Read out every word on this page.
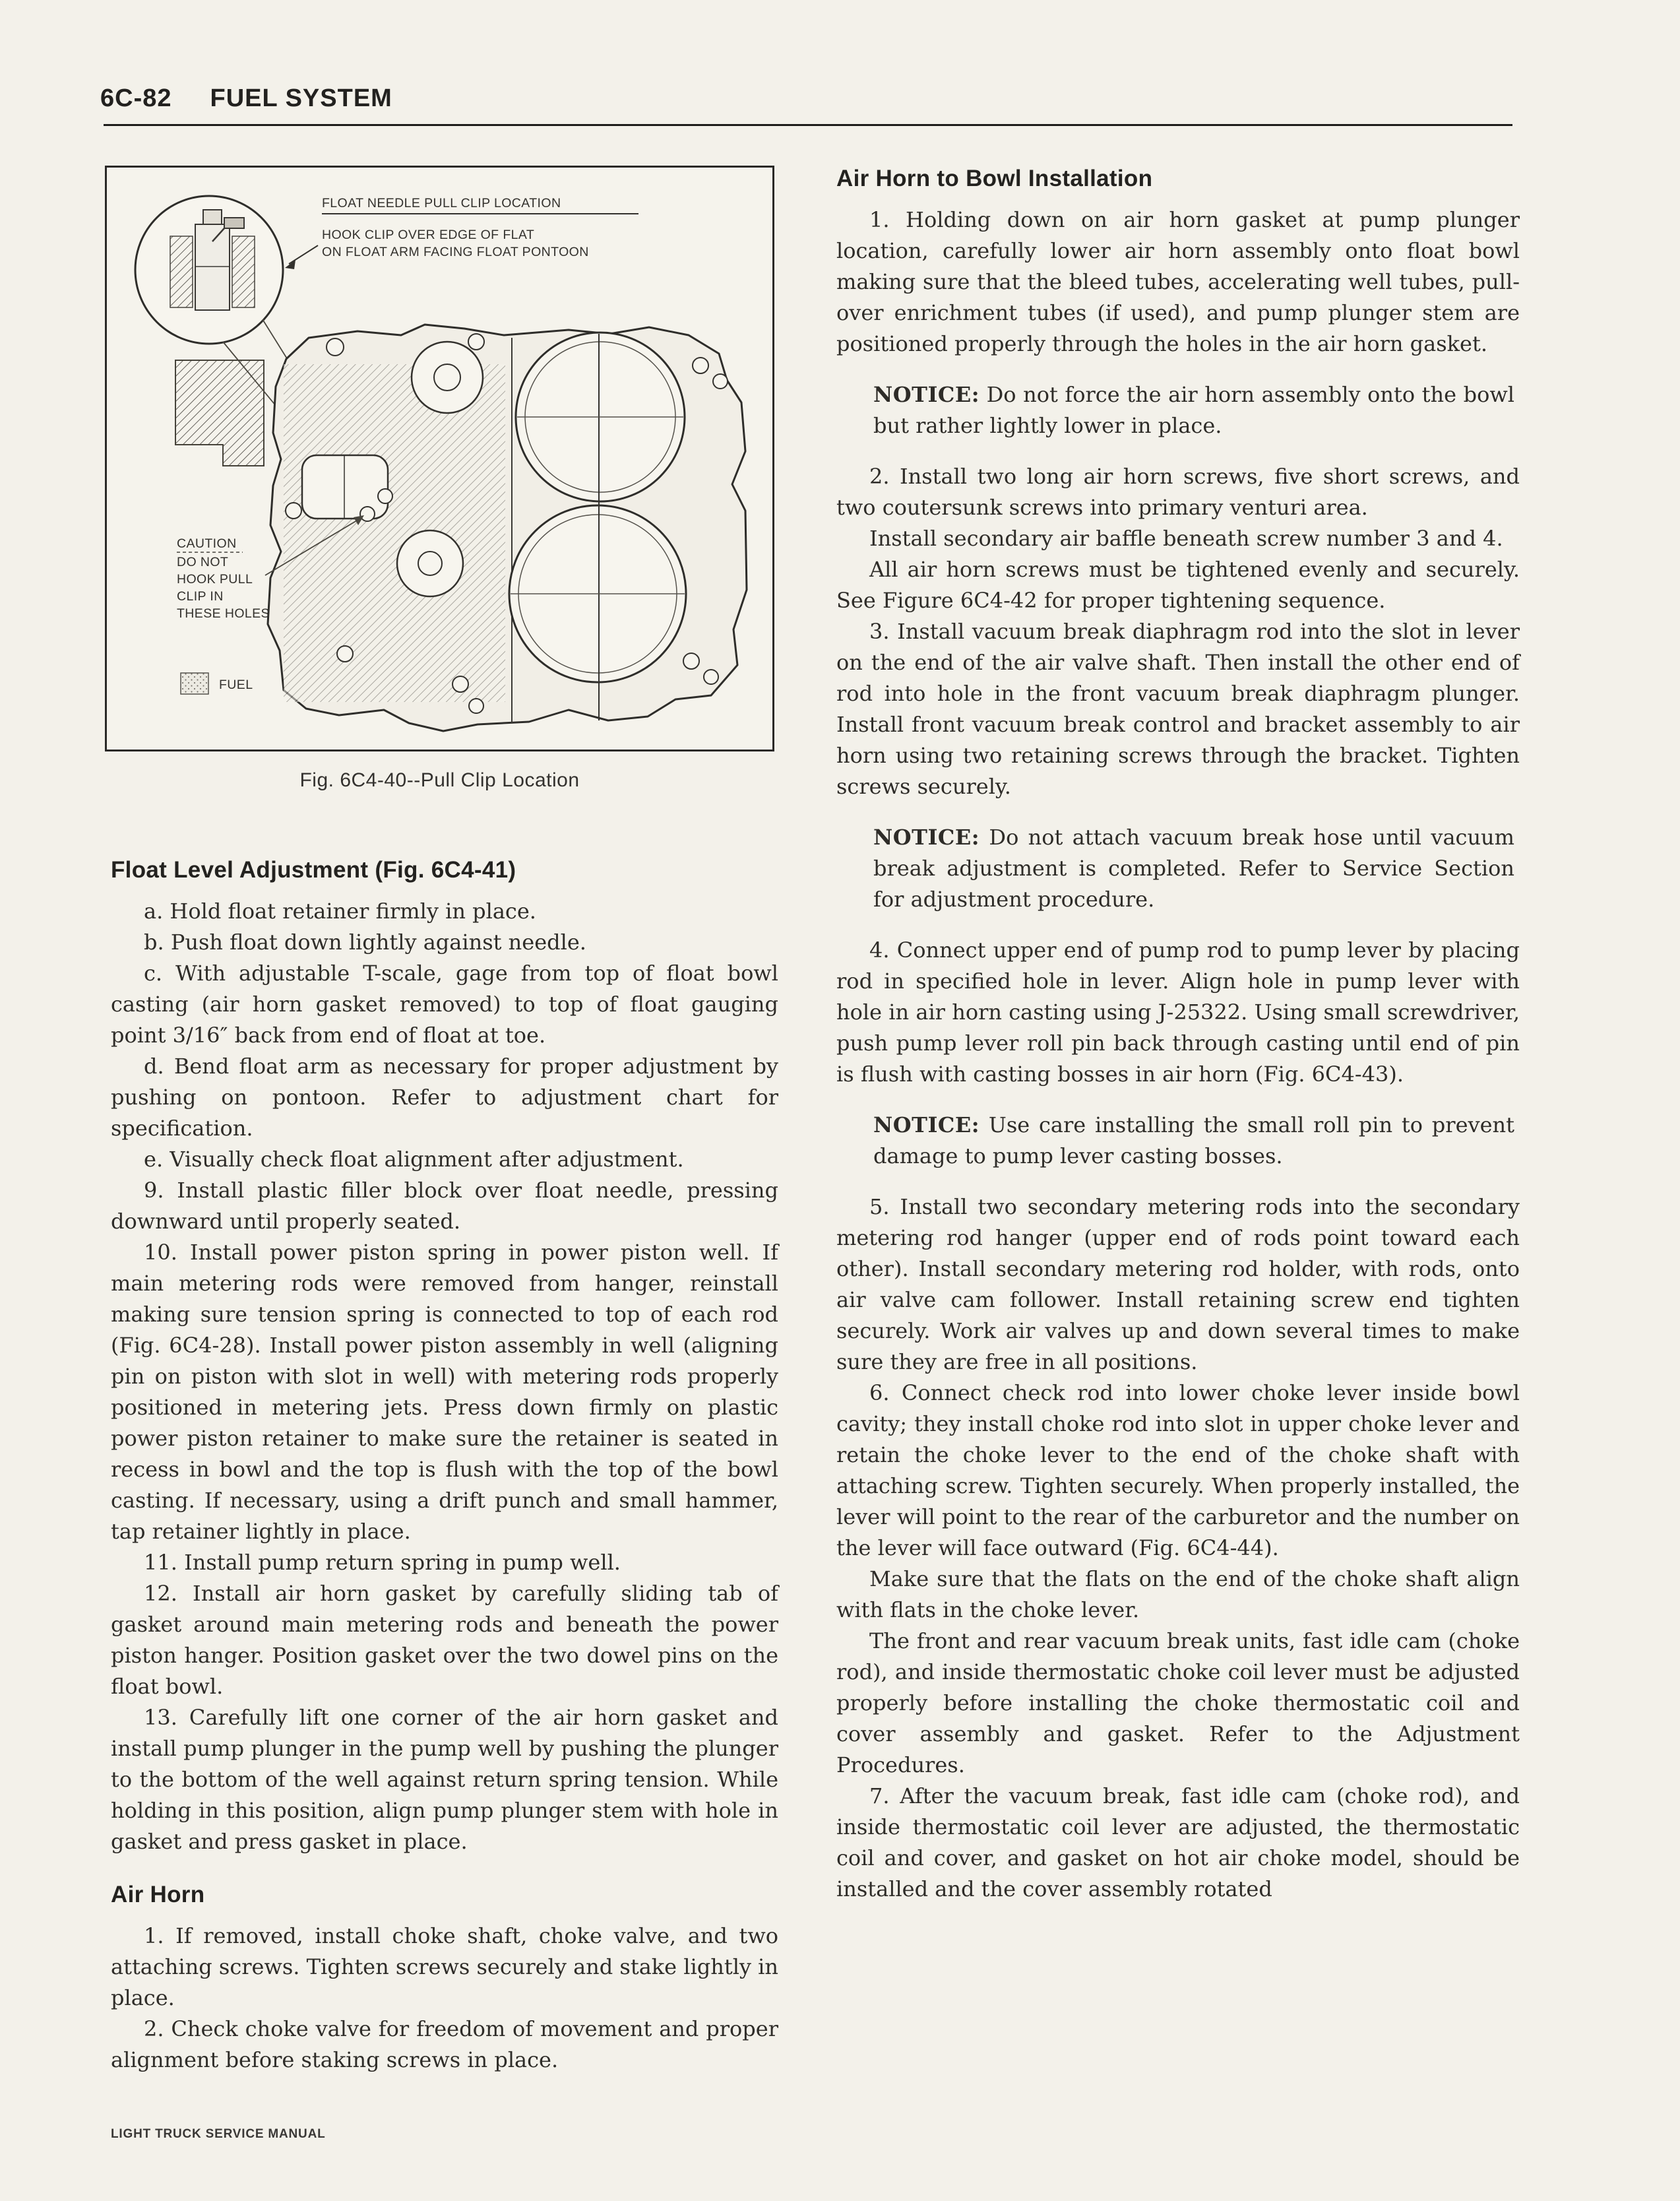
6C-82 FUEL SYSTEM
FLOAT NEEDLE PULL CLIP LOCATION
HOOK CLIP OVER EDGE OF FLAT
ON FLOAT ARM FACING FLOAT PONTOON
CAUTION
DO NOT
HOOK PULL
CLIP IN
THESE HOLES
FUEL
Fig. 6C4-40--Pull Clip Location
Float Level Adjustment (Fig. 6C4-41)

a. Hold float retainer firmly in place.

b. Push float down lightly against needle.

c. With adjustable T-scale, gage from top of float bowl casting (air horn gasket removed) to top of float gauging point 3/16″ back from end of float at toe.

d. Bend float arm as necessary for proper adjustment by pushing on pontoon. Refer to adjustment chart for specification.

e. Visually check float alignment after adjustment.

9. Install plastic filler block over float needle, pressing downward until properly seated.

10. Install power piston spring in power piston well. If main metering rods were removed from hanger, reinstall making sure tension spring is connected to top of each rod (Fig. 6C4-28). Install power piston assembly in well (aligning pin on piston with slot in well) with metering rods properly positioned in metering jets. Press down firmly on plastic power piston retainer to make sure the retainer is seated in recess in bowl and the top is flush with the top of the bowl casting. If necessary, using a drift punch and small hammer, tap retainer lightly in place.

11. Install pump return spring in pump well.

12. Install air horn gasket by carefully sliding tab of gasket around main metering rods and beneath the power piston hanger. Position gasket over the two dowel pins on the float bowl.

13. Carefully lift one corner of the air horn gasket and install pump plunger in the pump well by pushing the plunger to the bottom of the well against return spring tension. While holding in this position, align pump plunger stem with hole in gasket and press gasket in place.

Air Horn

1. If removed, install choke shaft, choke valve, and two attaching screws. Tighten screws securely and stake lightly in place.

2. Check choke valve for freedom of movement and proper alignment before staking screws in place.

Air Horn to Bowl Installation

1. Holding down on air horn gasket at pump plunger location, carefully lower air horn assembly onto float bowl making sure that the bleed tubes, accelerating well tubes, pull-over enrichment tubes (if used), and pump plunger stem are positioned properly through the holes in the air horn gasket.

NOTICE: Do not force the air horn assembly onto the bowl but rather lightly lower in place.

2. Install two long air horn screws, five short screws, and two coutersunk screws into primary venturi area.

Install secondary air baffle beneath screw number 3 and 4.

All air horn screws must be tightened evenly and securely. See Figure 6C4-42 for proper tightening sequence.

3. Install vacuum break diaphragm rod into the slot in lever on the end of the air valve shaft. Then install the other end of rod into hole in the front vacuum break diaphragm plunger. Install front vacuum break control and bracket assembly to air horn using two retaining screws through the bracket. Tighten screws securely.

NOTICE: Do not attach vacuum break hose until vacuum break adjustment is completed. Refer to Service Section for adjustment procedure.

4. Connect upper end of pump rod to pump lever by placing rod in specified hole in lever. Align hole in pump lever with hole in air horn casting using J-25322. Using small screwdriver, push pump lever roll pin back through casting until end of pin is flush with casting bosses in air horn (Fig. 6C4-43).

NOTICE: Use care installing the small roll pin to prevent damage to pump lever casting bosses.

5. Install two secondary metering rods into the secondary metering rod hanger (upper end of rods point toward each other). Install secondary metering rod holder, with rods, onto air valve cam follower. Install retaining screw end tighten securely. Work air valves up and down several times to make sure they are free in all positions.

6. Connect check rod into lower choke lever inside bowl cavity; they install choke rod into slot in upper choke lever and retain the choke lever to the end of the choke shaft with attaching screw. Tighten securely. When properly installed, the lever will point to the rear of the carburetor and the number on the lever will face outward (Fig. 6C4-44).

Make sure that the flats on the end of the choke shaft align with flats in the choke lever.

The front and rear vacuum break units, fast idle cam (choke rod), and inside thermostatic choke coil lever must be adjusted properly before installing the choke thermostatic coil and cover assembly and gasket. Refer to the Adjustment Procedures.

7. After the vacuum break, fast idle cam (choke rod), and inside thermostatic coil lever are adjusted, the thermostatic coil and cover, and gasket on hot air choke model, should be installed and the cover assembly rotated

LIGHT TRUCK SERVICE MANUAL
